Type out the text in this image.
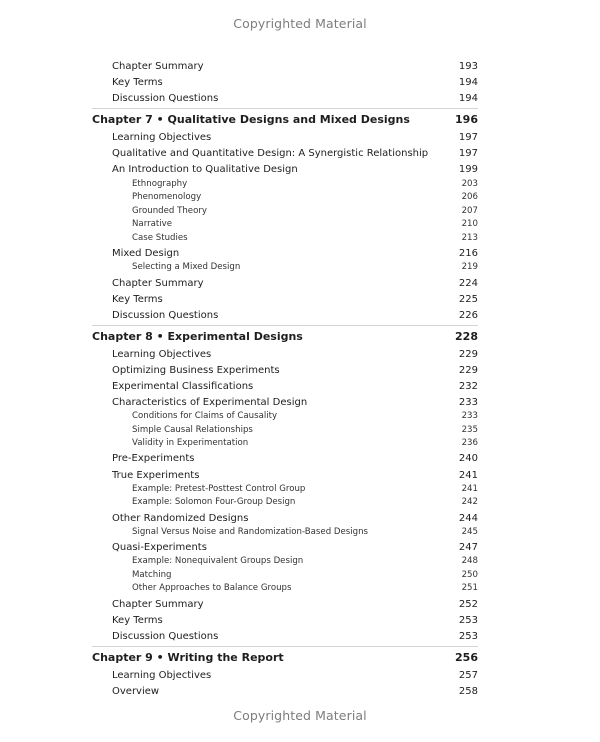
Copyrighted Material
Chapter Summary	193
Key Terms	194
Discussion Questions	194
Chapter 7 • Qualitative Designs and Mixed Designs	196
Learning Objectives	197
Qualitative and Quantitative Design: A Synergistic Relationship	197
An Introduction to Qualitative Design	199
Ethnography	203
Phenomenology	206
Grounded Theory	207
Narrative	210
Case Studies	213
Mixed Design	216
Selecting a Mixed Design	219
Chapter Summary	224
Key Terms	225
Discussion Questions	226
Chapter 8 • Experimental Designs	228
Learning Objectives	229
Optimizing Business Experiments	229
Experimental Classifications	232
Characteristics of Experimental Design	233
Conditions for Claims of Causality	233
Simple Causal Relationships	235
Validity in Experimentation	236
Pre-Experiments	240
True Experiments	241
Example: Pretest-Posttest Control Group	241
Example: Solomon Four-Group Design	242
Other Randomized Designs	244
Signal Versus Noise and Randomization-Based Designs	245
Quasi-Experiments	247
Example: Nonequivalent Groups Design	248
Matching	250
Other Approaches to Balance Groups	251
Chapter Summary	252
Key Terms	253
Discussion Questions	253
Chapter 9 • Writing the Report	256
Learning Objectives	257
Overview	258
Copyrighted Material
